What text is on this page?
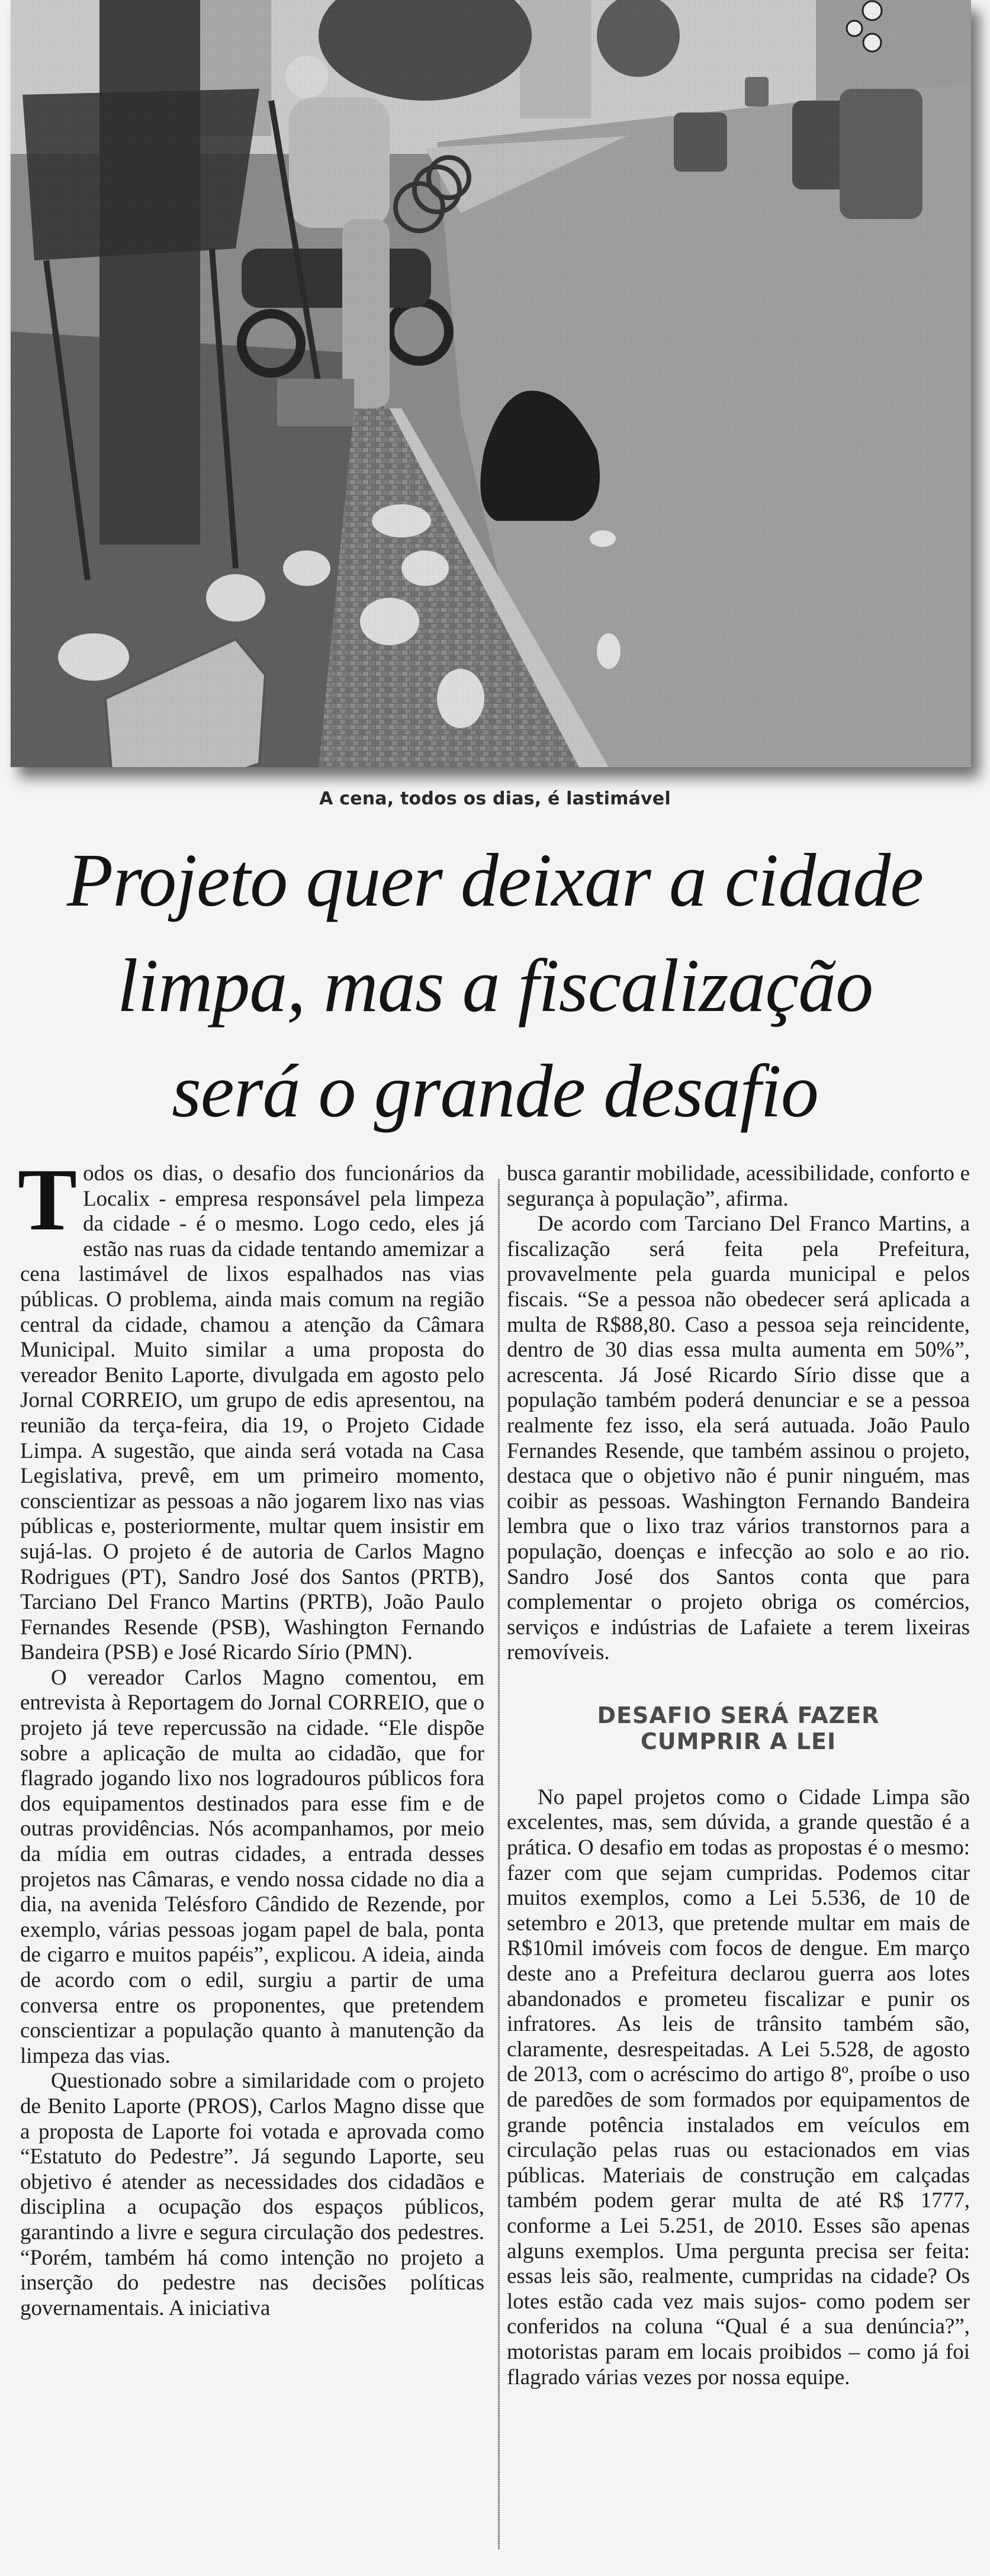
A cena, todos os dias, é lastimável
Projeto quer deixar a cidade
limpa, mas a fiscalização
será o grande desafio

Todos os dias, o desafio dos funcionários da Localix - empresa responsável pela limpeza da cidade - é o mesmo. Logo cedo, eles já estão nas ruas da cidade tentando amemizar a cena lastimável de lixos espalhados nas vias públicas. O problema, ainda mais comum na região central da cidade, chamou a atenção da Câmara Municipal. Muito similar a uma proposta do vereador Benito Laporte, divulgada em agosto pelo Jornal CORREIO, um grupo de edis apresentou, na reunião da terça-feira, dia 19, o Projeto Cidade Limpa. A sugestão, que ainda será votada na Casa Legislativa, prevê, em um primeiro momento, conscientizar as pessoas a não jogarem lixo nas vias públicas e, posteriormente, multar quem insistir em sujá-las. O projeto é de autoria de Carlos Magno Rodrigues (PT), Sandro José dos Santos (PRTB), Tarciano Del Franco Martins (PRTB), João Paulo Fernandes Resende (PSB), Washington Fernando Bandeira (PSB) e José Ricardo Sírio (PMN).

O vereador Carlos Magno comentou, em entrevista à Reportagem do Jornal CORREIO, que o projeto já teve repercussão na cidade. “Ele dispõe sobre a aplicação de multa ao cidadão, que for flagrado jogando lixo nos logradouros públicos fora dos equipamentos destinados para esse fim e de outras providências. Nós acompanhamos, por meio da mídia em outras cidades, a entrada desses projetos nas Câmaras, e vendo nossa cidade no dia a dia, na avenida Telésforo Cândido de Rezende, por exemplo, várias pessoas jogam papel de bala, ponta de cigarro e muitos papéis”, explicou. A ideia, ainda de acordo com o edil, surgiu a partir de uma conversa entre os proponentes, que pretendem conscientizar a população quanto à manutenção da limpeza das vias.

Questionado sobre a similaridade com o projeto de Benito Laporte (PROS), Carlos Magno disse que a proposta de Laporte foi votada e aprovada como “Estatuto do Pedestre”. Já segundo Laporte, seu objetivo é atender as necessidades dos cidadãos e disciplina a ocupação dos espaços públicos, garantindo a livre e segura circulação dos pedestres. “Porém, também há como intenção no projeto a inserção do pedestre nas decisões políticas governamentais. A iniciativa

busca garantir mobilidade, acessibilidade, conforto e segurança à população”, afirma.

De acordo com Tarciano Del Franco Martins, a fiscalização será feita pela Prefeitura, provavelmente pela guarda municipal e pelos fiscais. “Se a pessoa não obedecer será aplicada a multa de R$88,80. Caso a pessoa seja reincidente, dentro de 30 dias essa multa aumenta em 50%”, acrescenta. Já José Ricardo Sírio disse que a população também poderá denunciar e se a pessoa realmente fez isso, ela será autuada. João Paulo Fernandes Resende, que também assinou o projeto, destaca que o objetivo não é punir ninguém, mas coibir as pessoas. Washington Fernando Bandeira lembra que o lixo traz vários transtornos para a população, doenças e infecção ao solo e ao rio. Sandro José dos Santos conta que para complementar o projeto obriga os comércios, serviços e indústrias de Lafaiete a terem lixeiras removíveis.

DESAFIO SERÁ FAZER
CUMPRIR A LEI

No papel projetos como o Cidade Limpa são excelentes, mas, sem dúvida, a grande questão é a prática. O desafio em todas as propostas é o mesmo: fazer com que sejam cumpridas. Podemos citar muitos exemplos, como a Lei 5.536, de 10 de setembro e 2013, que pretende multar em mais de R$10mil imóveis com focos de dengue. Em março deste ano a Prefeitura declarou guerra aos lotes abandonados e prometeu fiscalizar e punir os infratores. As leis de trânsito também são, claramente, desrespeitadas. A Lei 5.528, de agosto de 2013, com o acréscimo do artigo 8º, proíbe o uso de paredões de som formados por equipamentos de grande potência instalados em veículos em circulação pelas ruas ou estacionados em vias públicas. Materiais de construção em calçadas também podem gerar multa de até R$ 1777, conforme a Lei 5.251, de 2010. Esses são apenas alguns exemplos. Uma pergunta precisa ser feita: essas leis são, realmente, cumpridas na cidade? Os lotes estão cada vez mais sujos- como podem ser conferidos na coluna “Qual é a sua denúncia?”, motoristas param em locais proibidos – como já foi flagrado várias vezes por nossa equipe.
